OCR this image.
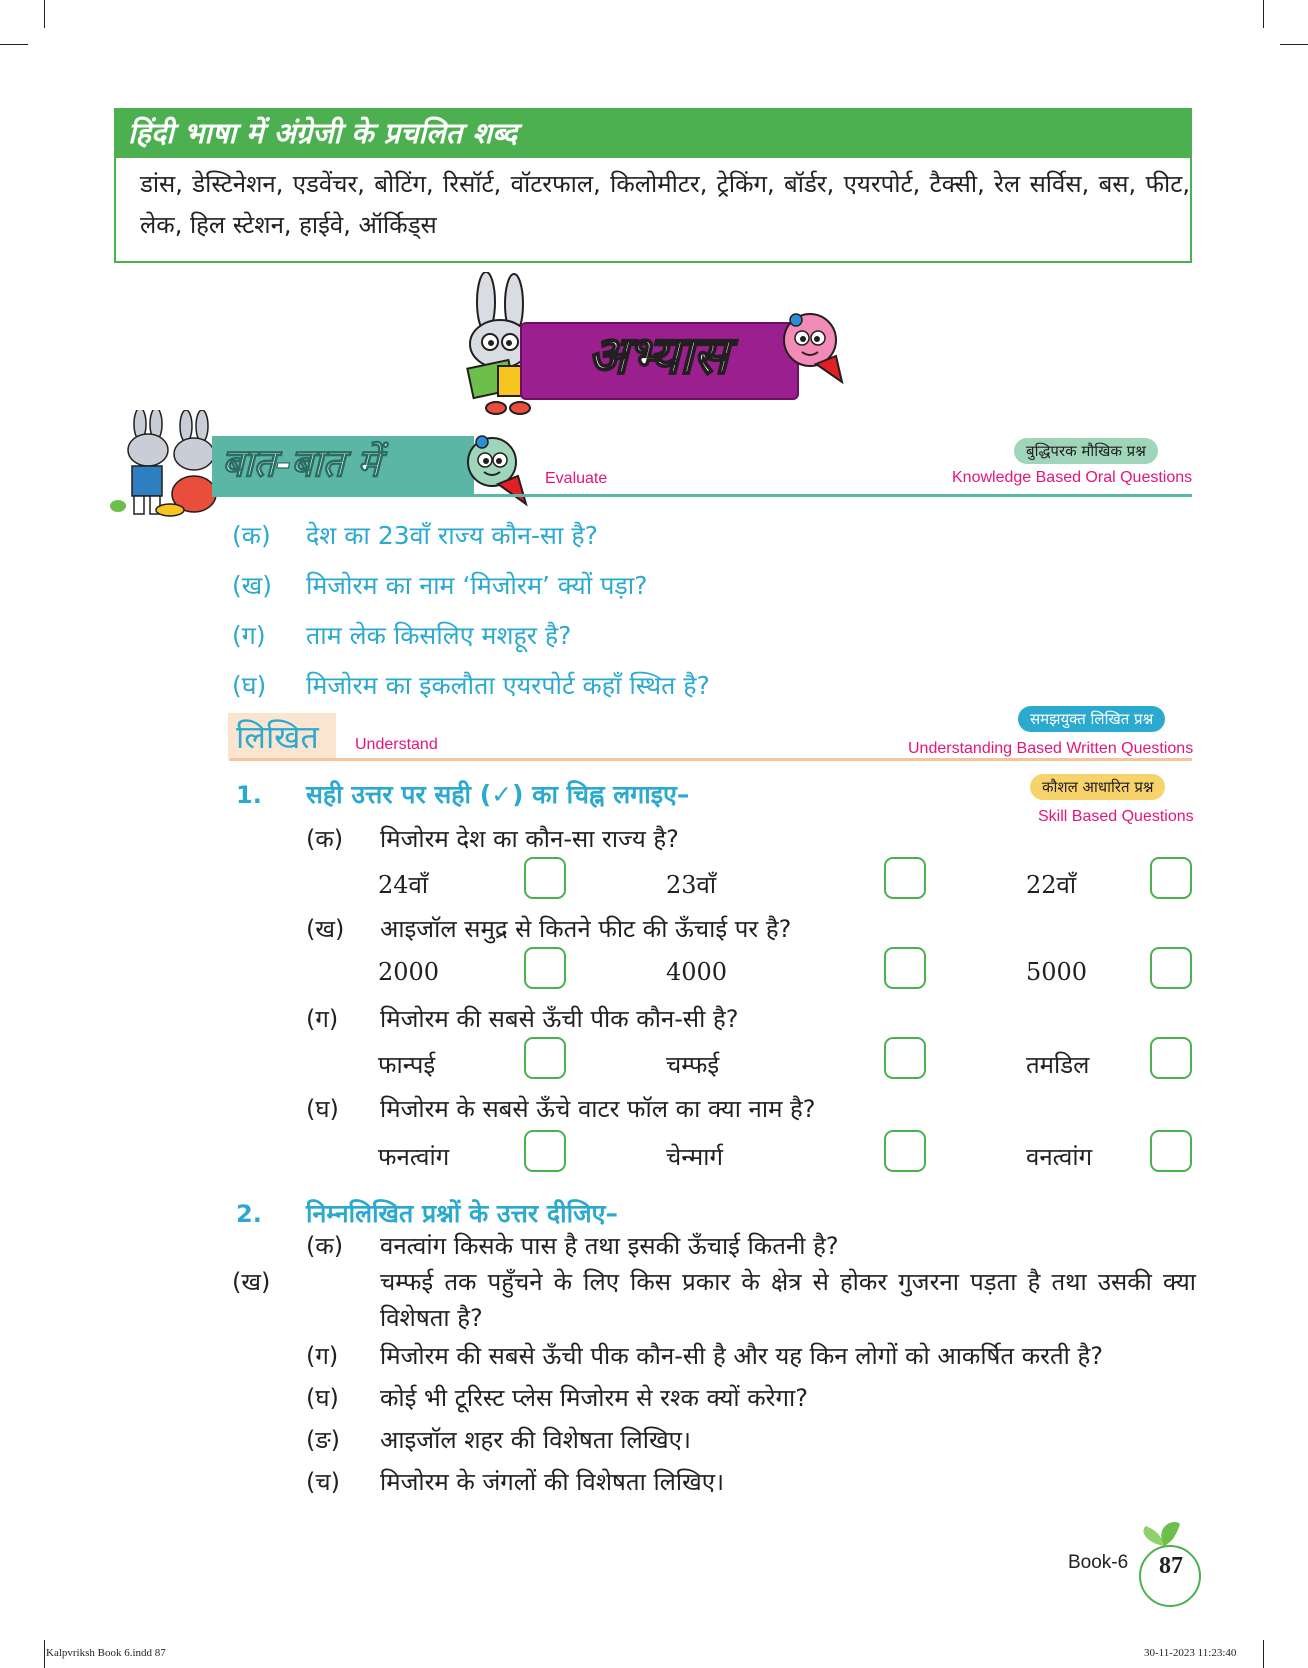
हिंदी भाषा में अंग्रेजी के प्रचलित शब्द
डांस, डेस्टिनेशन, एडवेंचर, बोटिंग, रिसॉर्ट, वॉटरफाल, किलोमीटर, ट्रेकिंग, बॉर्डर, एयरपोर्ट, टैक्सी, रेल सर्विस, बस, फीट, लेक, हिल स्टेशन, हाईवे, ऑर्किड्स
अभ्यास
बात-बात में	Evaluate
बुद्धिपरक मौखिक प्रश्न
Knowledge Based Oral Questions
(क) देश का 23वाँ राज्य कौन-सा है?
(ख) मिजोरम का नाम ‘मिजोरम’ क्यों पड़ा?
(ग) ताम लेक किसलिए मशहूर है?
(घ) मिजोरम का इकलौता एयरपोर्ट कहाँ स्थित है?
लिखित Understand
समझयुक्त लिखित प्रश्न
Understanding Based Written Questions
1. सही उत्तर पर सही (✓) का चिह्न लगाइए–	कौशल आधारित प्रश्न
Skill Based Questions
(क) मिजोरम देश का कौन-सा राज्य है?
24वाँ	23वाँ	22वाँ
(ख) आइजॉल समुद्र से कितने फीट की ऊँचाई पर है?
2000	4000	5000
(ग) मिजोरम की सबसे ऊँची पीक कौन-सी है?
फान्पई	चम्फई	तमडिल
(घ) मिजोरम के सबसे ऊँचे वाटर फॉल का क्या नाम है?
फनत्वांग	चेन्मार्ग	वनत्वांग
2. निम्नलिखित प्रश्नों के उत्तर दीजिए–
(क) वनत्वांग किसके पास है तथा इसकी ऊँचाई कितनी है?
(ख)	चम्फई तक पहुँचने के लिए किस प्रकार के क्षेत्र से होकर गुजरना पड़ता है तथा उसकी क्या विशेषता है?
(ग) मिजोरम की सबसे ऊँची पीक कौन-सी है और यह किन लोगों को आकर्षित करती है?
(घ) कोई भी टूरिस्ट प्लेस मिजोरम से रश्क क्यों करेगा?
(ङ) आइजॉल शहर की विशेषता लिखिए।
(च) मिजोरम के जंगलों की विशेषता लिखिए।
Book-6	87
Kalpvriksh Book 6.indd 87	30-11-2023 11:23:40
